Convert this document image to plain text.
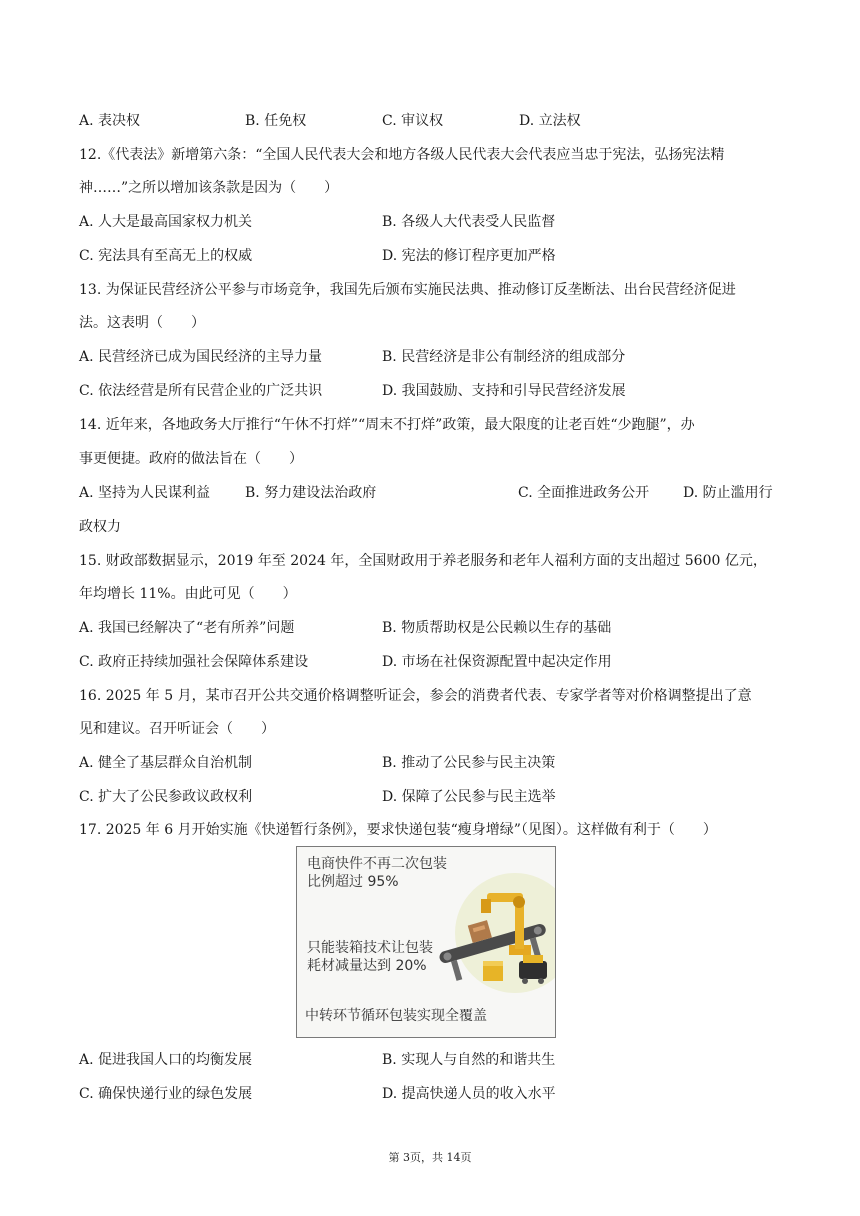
A. 表决权	B. 任免权	C. 审议权	D. 立法权
12.《代表法》新增第六条：“全国人民代表大会和地方各级人民代表大会代表应当忠于宪法，弘扬宪法精
神……”之所以增加该条款是因为（　　）
A. 人大是最高国家权力机关	B. 各级人大代表受人民监督
C. 宪法具有至高无上的权威	D. 宪法的修订程序更加严格
13. 为保证民营经济公平参与市场竞争，我国先后颁布实施民法典、推动修订反垄断法、出台民营经济促进
法。这表明（　　）
A. 民营经济已成为国民经济的主导力量	B. 民营经济是非公有制经济的组成部分
C. 依法经营是所有民营企业的广泛共识	D. 我国鼓励、支持和引导民营经济发展
14. 近年来，各地政务大厅推行“午休不打烊”“周末不打烊”政策，最大限度的让老百姓“少跑腿”，办
事更便捷。政府的做法旨在（　　）
A. 坚持为人民谋利益 B. 努力建设法治政府	C. 全面推进政务公开 D. 防止滥用行
政权力
15. 财政部数据显示，2019 年至 2024 年，全国财政用于养老服务和老年人福利方面的支出超过 5600 亿元，
年均增长 11%。由此可见（　　）
A. 我国已经解决了“老有所养”问题	B. 物质帮助权是公民赖以生存的基础
C. 政府正持续加强社会保障体系建设	D. 市场在社保资源配置中起决定作用
16. 2025 年 5 月，某市召开公共交通价格调整听证会，参会的消费者代表、专家学者等对价格调整提出了意
见和建议。召开听证会（　　）
A. 健全了基层群众自治机制	B. 推动了公民参与民主决策
C. 扩大了公民参政议政权利	D. 保障了公民参与民主选举
17. 2025 年 6 月开始实施《快递暂行条例》，要求快递包装“瘦身增绿”（见图）。这样做有利于（　　）
电商快件不再二次包装
比例超过 95%
只能装箱技术让包装
耗材减量达到 20%
中转环节循环包装实现全覆盖
A. 促进我国人口的均衡发展	B. 实现人与自然的和谐共生
C. 确保快递行业的绿色发展	D. 提高快递人员的收入水平
第 3页，共 14页
